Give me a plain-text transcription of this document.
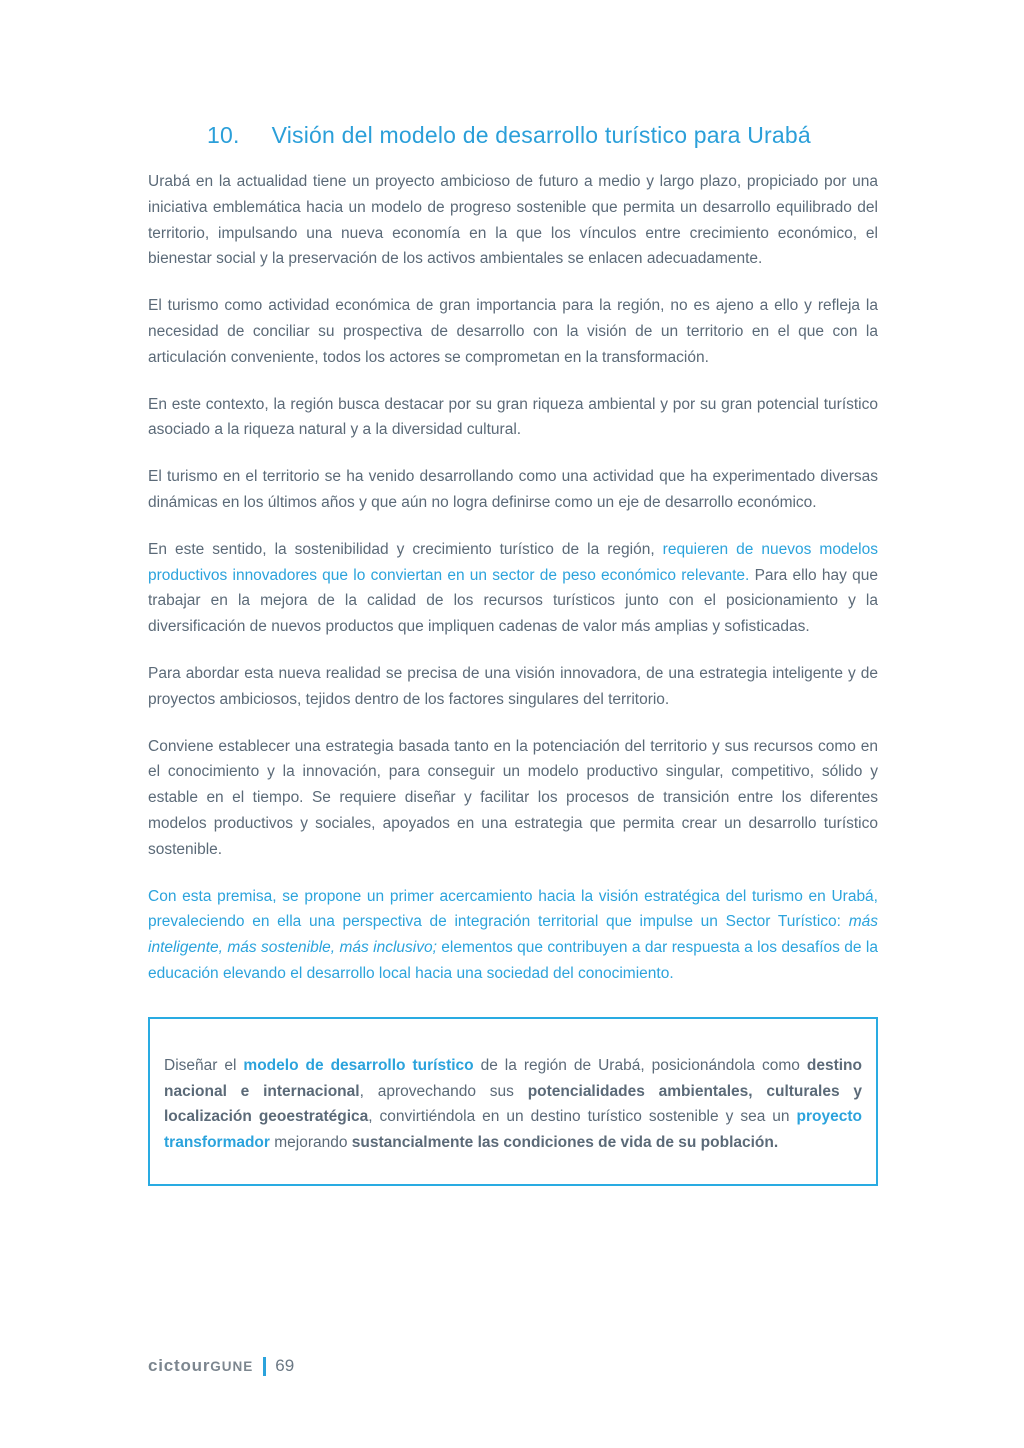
10. Visión del modelo de desarrollo turístico para Urabá

Urabá en la actualidad tiene un proyecto ambicioso de futuro a medio y largo plazo, propiciado por una iniciativa emblemática hacia un modelo de progreso sostenible que permita un desarrollo equilibrado del territorio, impulsando una nueva economía en la que los vínculos entre crecimiento económico, el bienestar social y la preservación de los activos ambientales se enlacen adecuadamente.

El turismo como actividad económica de gran importancia para la región, no es ajeno a ello y refleja la necesidad de conciliar su prospectiva de desarrollo con la visión de un territorio en el que con la articulación conveniente, todos los actores se comprometan en la transformación.

En este contexto, la región busca destacar por su gran riqueza ambiental y por su gran potencial turístico asociado a la riqueza natural y a la diversidad cultural.

El turismo en el territorio se ha venido desarrollando como una actividad que ha experimentado diversas dinámicas en los últimos años y que aún no logra definirse como un eje de desarrollo económico.

En este sentido, la sostenibilidad y crecimiento turístico de la región, requieren de nuevos modelos productivos innovadores que lo conviertan en un sector de peso económico relevante. Para ello hay que trabajar en la mejora de la calidad de los recursos turísticos junto con el posicionamiento y la diversificación de nuevos productos que impliquen cadenas de valor más amplias y sofisticadas.

Para abordar esta nueva realidad se precisa de una visión innovadora, de una estrategia inteligente y de proyectos ambiciosos, tejidos dentro de los factores singulares del territorio.

Conviene establecer una estrategia basada tanto en la potenciación del territorio y sus recursos como en el conocimiento y la innovación, para conseguir un modelo productivo singular, competitivo, sólido y estable en el tiempo. Se requiere diseñar y facilitar los procesos de transición entre los diferentes modelos productivos y sociales, apoyados en una estrategia que permita crear un desarrollo turístico sostenible.

Con esta premisa, se propone un primer acercamiento hacia la visión estratégica del turismo en Urabá, prevaleciendo en ella una perspectiva de integración territorial que impulse un Sector Turístico: más inteligente, más sostenible, más inclusivo; elementos que contribuyen a dar respuesta a los desafíos de la educación elevando el desarrollo local hacia una sociedad del conocimiento.

Diseñar el modelo de desarrollo turístico de la región de Urabá, posicionándola como destino nacional e internacional, aprovechando sus potencialidades ambientales, culturales y localización geoestratégica, convirtiéndola en un destino turístico sostenible y sea un proyecto transformador mejorando sustancialmente las condiciones de vida de su población.

cictourGUNE 69
